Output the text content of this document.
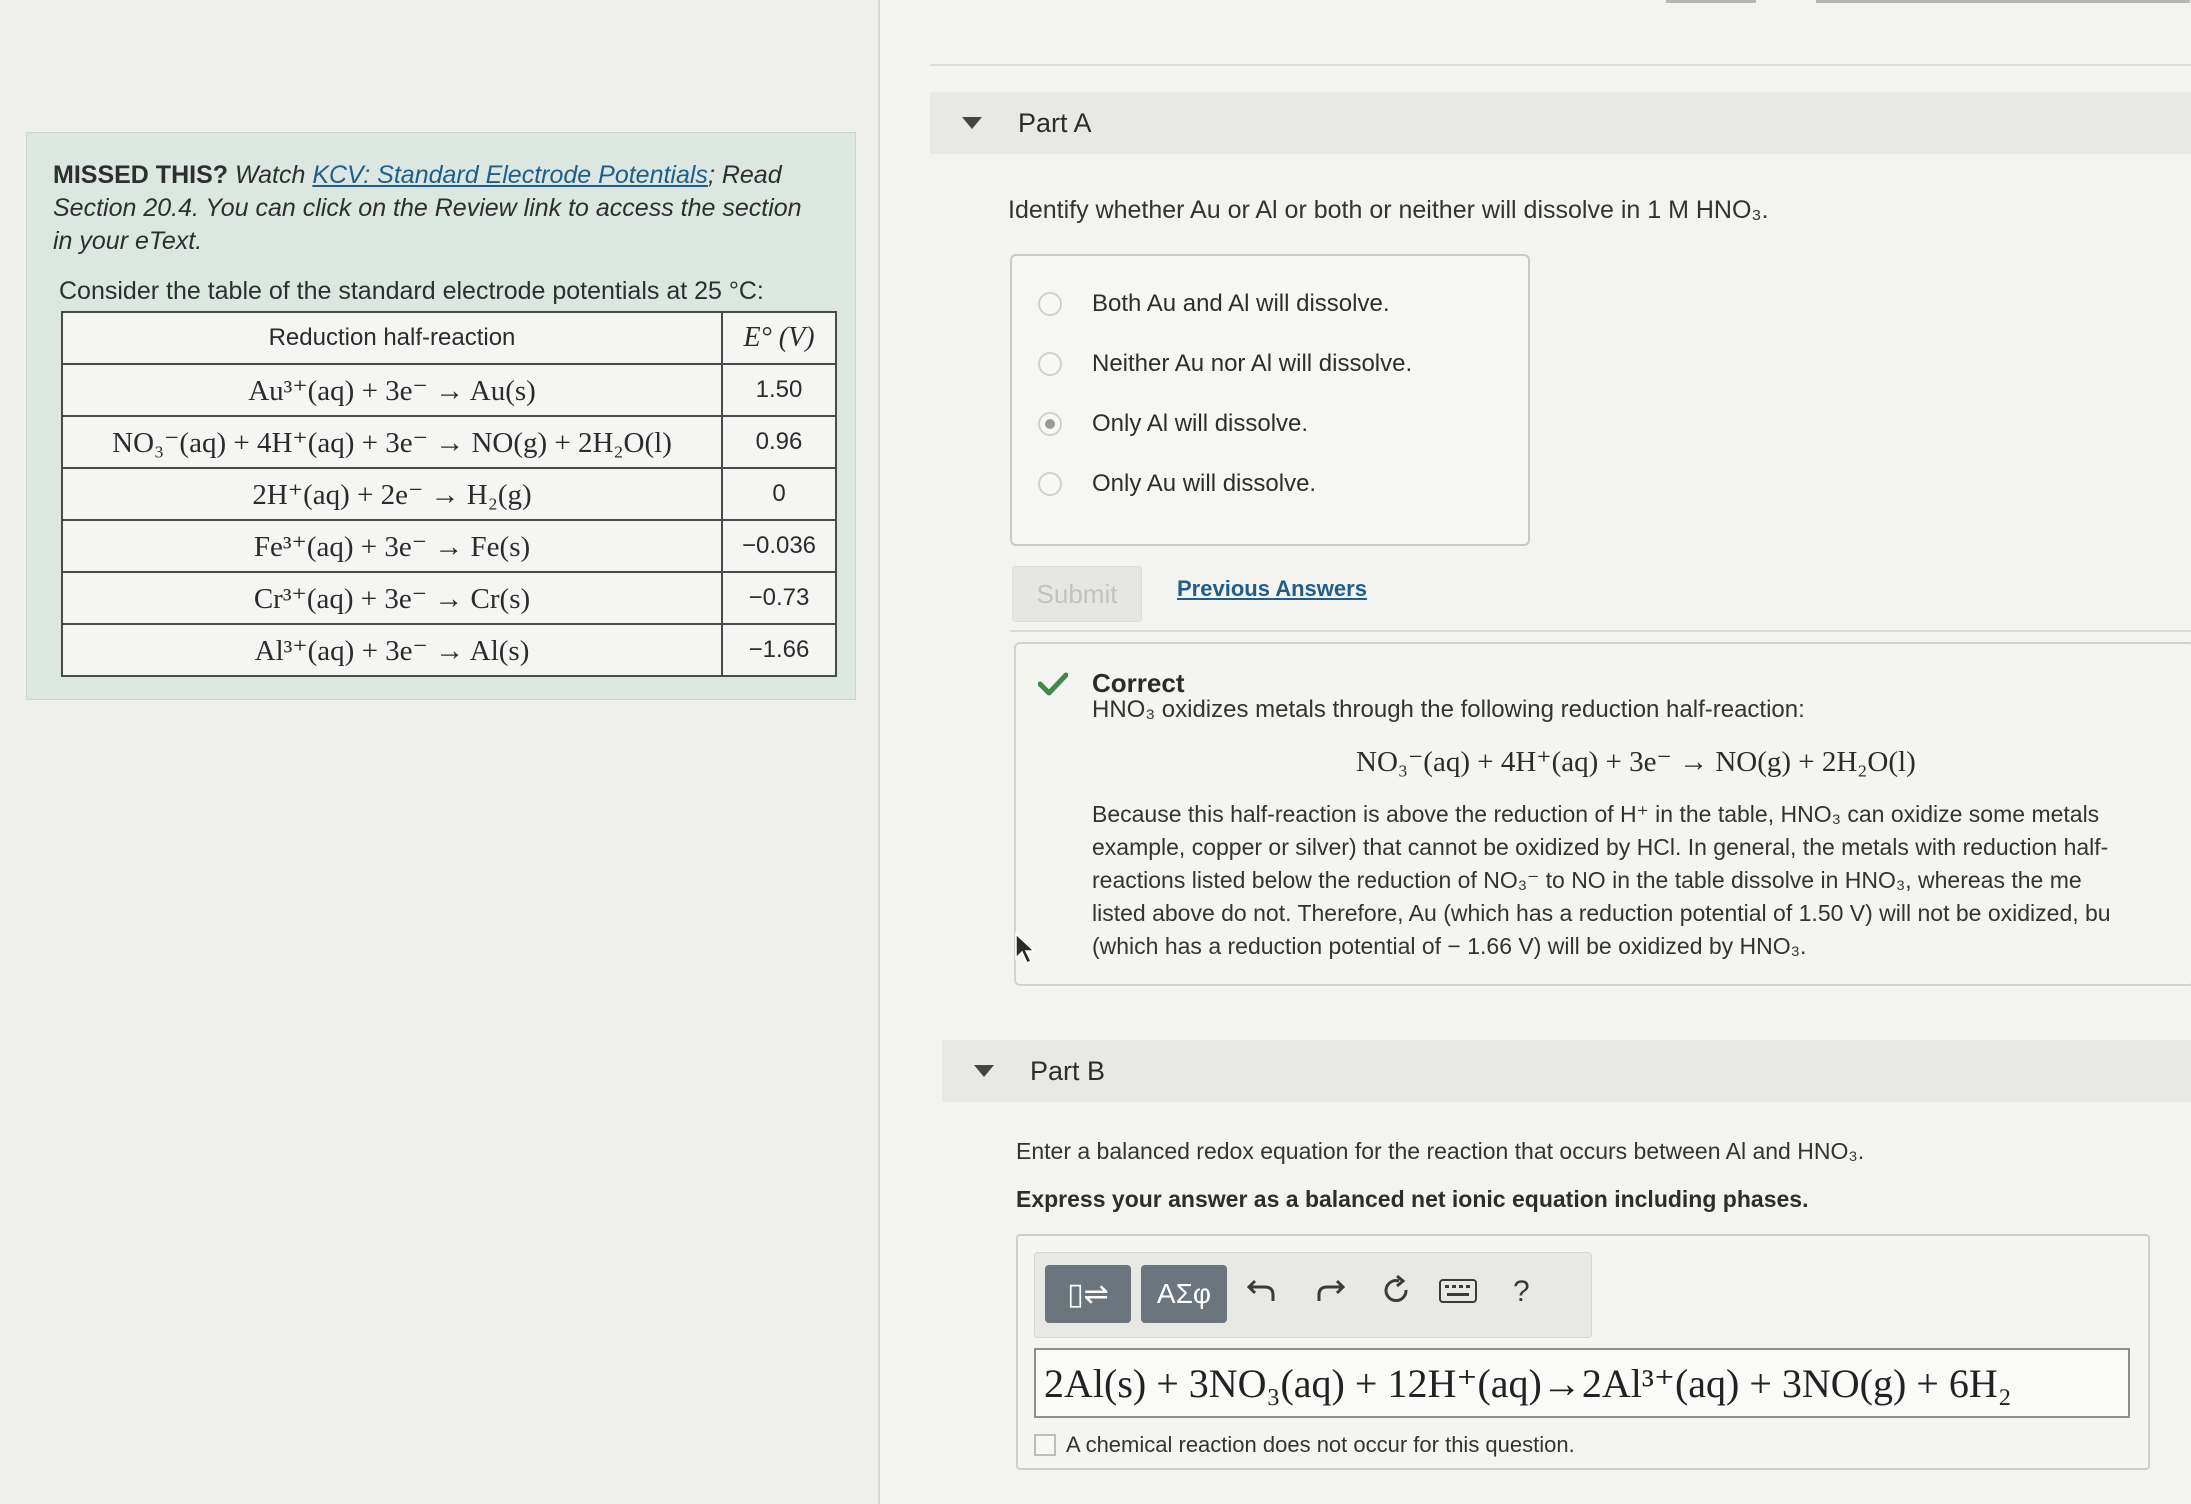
MISSED THIS? Watch KCV: Standard Electrode Potentials; Read
Section 20.4. You can click on the Review link to access the section
in your eText.
Consider the table of the standard electrode potentials at 25 °C:
Reduction half-reaction	E° (V)
Au³⁺(aq) + 3e⁻ → Au(s)	1.50
NO₃⁻(aq) + 4H⁺(aq) + 3e⁻ → NO(g) + 2H₂O(l)	0.96
2H⁺(aq) + 2e⁻ → H₂(g)	0
Fe³⁺(aq) + 3e⁻ → Fe(s)	−0.036
Cr³⁺(aq) + 3e⁻ → Cr(s)	−0.73
Al³⁺(aq) + 3e⁻ → Al(s)	−1.66
Part A
Identify whether Au or Al or both or neither will dissolve in 1 M HNO₃.
Both Au and Al will dissolve.
Neither Au nor Al will dissolve.
Only Al will dissolve.
Only Au will dissolve.
Submit	Previous Answers
Correct
HNO₃ oxidizes metals through the following reduction half-reaction:
NO₃⁻(aq) + 4H⁺(aq) + 3e⁻ → NO(g) + 2H₂O(l)
Because this half-reaction is above the reduction of H⁺ in the table, HNO₃ can oxidize some metals
example, copper or silver) that cannot be oxidized by HCl. In general, the metals with reduction half-
reactions listed below the reduction of NO₃⁻ to NO in the table dissolve in HNO₃, whereas the me
listed above do not. Therefore, Au (which has a reduction potential of 1.50 V) will not be oxidized, bu
(which has a reduction potential of − 1.66 V) will be oxidized by HNO₃.
Part B
Enter a balanced redox equation for the reaction that occurs between Al and HNO₃.
Express your answer as a balanced net ionic equation including phases.
▯⇌	ΑΣφ	?
2Al(s) + 3NO₃(aq) + 12H⁺(aq)→2Al³⁺(aq) + 3NO(g) + 6H₂
A chemical reaction does not occur for this question.
